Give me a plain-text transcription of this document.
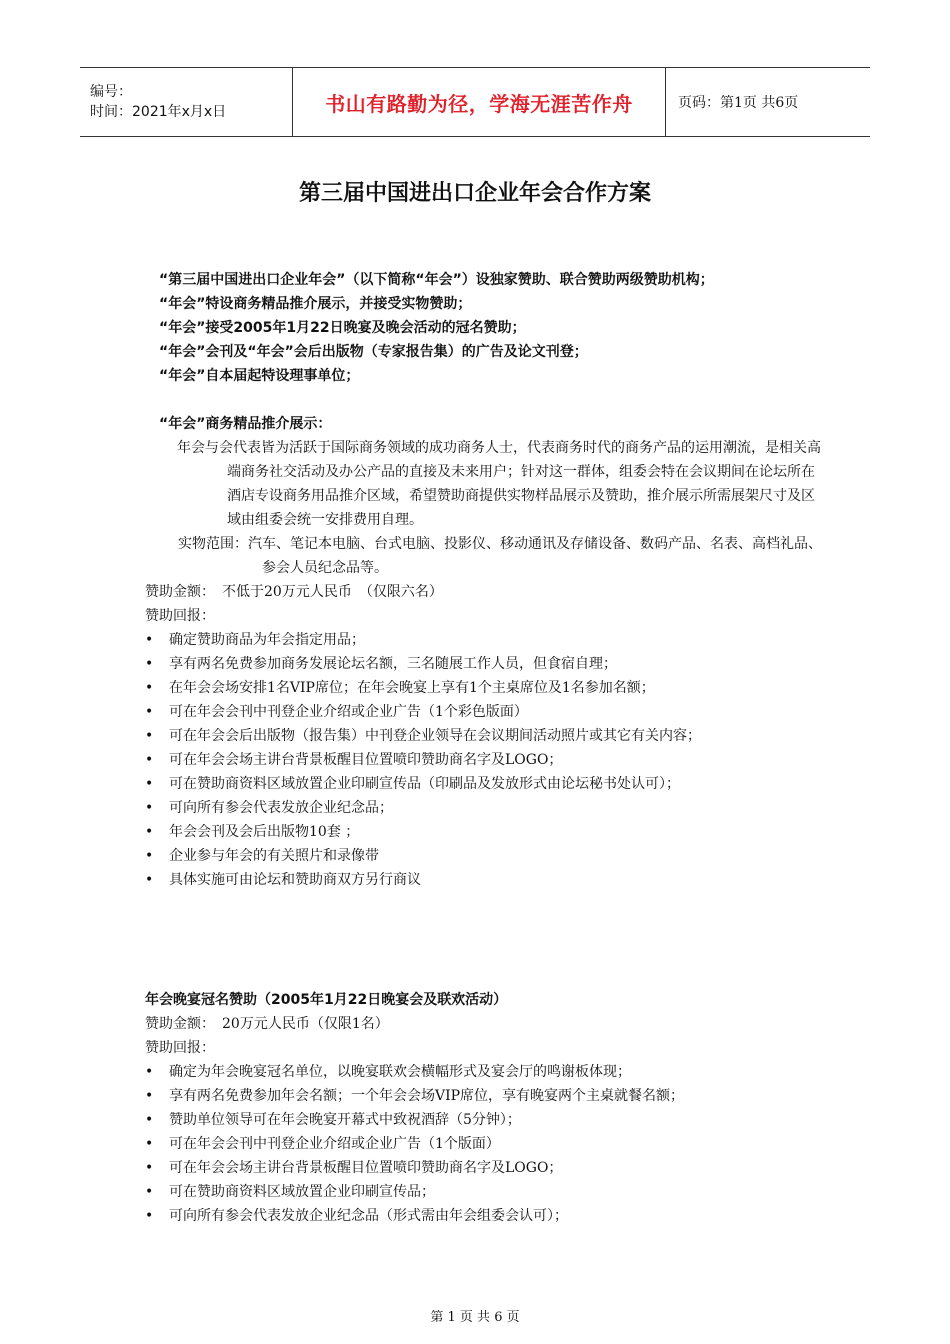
编号：
时间：2021年x月x日	书山有路勤为径，学海无涯苦作舟	页码：第1页 共6页
第三届中国进出口企业年会合作方案

“第三届中国进出口企业年会”（以下简称“年会”）设独家赞助、联合赞助两级赞助机构；

“年会”特设商务精品推介展示，并接受实物赞助；

“年会”接受2005年1月22日晚宴及晚会活动的冠名赞助；

“年会”会刊及“年会”会后出版物（专家报告集）的广告及论文刊登；

“年会”自本届起特设理事单位；

“年会”商务精品推介展示：

年会与会代表皆为活跃于国际商务领域的成功商务人士，代表商务时代的商务产品的运用潮流，是相关高端商务社交活动及办公产品的直接及未来用户；针对这一群体，组委会特在会议期间在论坛所在酒店专设商务用品推介区域，希望赞助商提供实物样品展示及赞助，推介展示所需展架尺寸及区域由组委会统一安排费用自理。

实物范围：汽车、笔记本电脑、台式电脑、投影仪、移动通讯及存储设备、数码产品、名表、高档礼品、参会人员纪念品等。

赞助金额：　不低于20万元人民币　（仅限六名）

赞助回报：

• 确定赞助商品为年会指定用品；
• 享有两名免费参加商务发展论坛名额，三名随展工作人员，但食宿自理；
• 在年会会场安排1名VIP席位；在年会晚宴上享有1个主桌席位及1名参加名额；
• 可在年会会刊中刊登企业介绍或企业广告（1个彩色版面）
• 可在年会会后出版物（报告集）中刊登企业领导在会议期间活动照片或其它有关内容；
• 可在年会会场主讲台背景板醒目位置喷印赞助商名字及LOGO；
• 可在赞助商资料区域放置企业印刷宣传品（印刷品及发放形式由论坛秘书处认可）；
• 可向所有参会代表发放企业纪念品；
• 年会会刊及会后出版物10套 ；
• 企业参与年会的有关照片和录像带
• 具体实施可由论坛和赞助商双方另行商议

年会晚宴冠名赞助（2005年1月22日晚宴会及联欢活动）

赞助金额：　20万元人民币（仅限1名）

赞助回报：

• 确定为年会晚宴冠名单位，以晚宴联欢会横幅形式及宴会厅的鸣谢板体现；
• 享有两名免费参加年会名额；一个年会会场VIP席位，享有晚宴两个主桌就餐名额；
• 赞助单位领导可在年会晚宴开幕式中致祝酒辞（5分钟）；
• 可在年会会刊中刊登企业介绍或企业广告（1个版面）
• 可在年会会场主讲台背景板醒目位置喷印赞助商名字及LOGO；
• 可在赞助商资料区域放置企业印刷宣传品；
• 可向所有参会代表发放企业纪念品（形式需由年会组委会认可）；
第 1 页 共 6 页
